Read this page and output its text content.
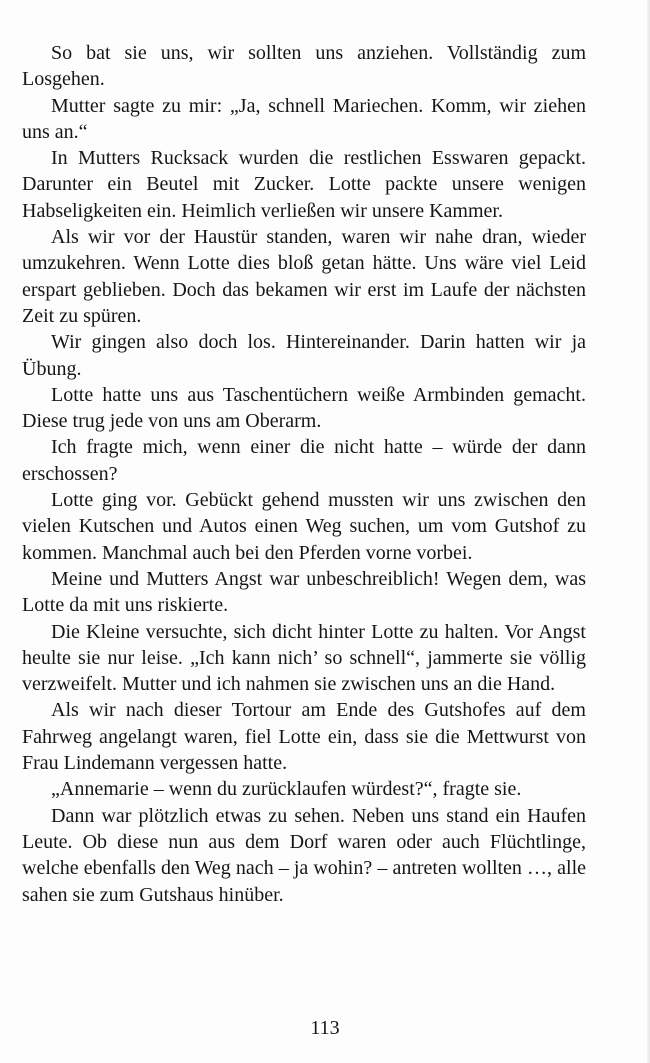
So bat sie uns, wir sollten uns anziehen. Vollständig zum Losgehen.

Mutter sagte zu mir: „Ja, schnell Mariechen. Komm, wir ziehen uns an.“

In Mutters Rucksack wurden die restlichen Esswaren gepackt. Darunter ein Beutel mit Zucker. Lotte packte unsere wenigen Habseligkeiten ein. Heimlich verließen wir unsere Kammer.

Als wir vor der Haustür standen, waren wir nahe dran, wieder umzukehren. Wenn Lotte dies bloß getan hätte. Uns wäre viel Leid erspart geblieben. Doch das bekamen wir erst im Laufe der nächsten Zeit zu spüren.

Wir gingen also doch los. Hintereinander. Darin hatten wir ja Übung.

Lotte hatte uns aus Taschentüchern weiße Armbinden gemacht. Diese trug jede von uns am Oberarm.

Ich fragte mich, wenn einer die nicht hatte – würde der dann erschossen?

Lotte ging vor. Gebückt gehend mussten wir uns zwischen den vielen Kutschen und Autos einen Weg suchen, um vom Gutshof zu kommen. Manchmal auch bei den Pferden vorne vorbei.

Meine und Mutters Angst war unbeschreiblich! Wegen dem, was Lotte da mit uns riskierte.

Die Kleine versuchte, sich dicht hinter Lotte zu halten. Vor Angst heulte sie nur leise. „Ich kann nich’ so schnell“, jammerte sie völlig verzweifelt. Mutter und ich nahmen sie zwischen uns an die Hand.

Als wir nach dieser Tortour am Ende des Gutshofes auf dem Fahrweg angelangt waren, fiel Lotte ein, dass sie die Mettwurst von Frau Lindemann vergessen hatte.

„Annemarie – wenn du zurücklaufen würdest?“, fragte sie.

Dann war plötzlich etwas zu sehen. Neben uns stand ein Haufen Leute. Ob diese nun aus dem Dorf waren oder auch Flüchtlinge, welche ebenfalls den Weg nach – ja wohin? – antreten wollten …, alle sahen sie zum Gutshaus hinüber.

113
